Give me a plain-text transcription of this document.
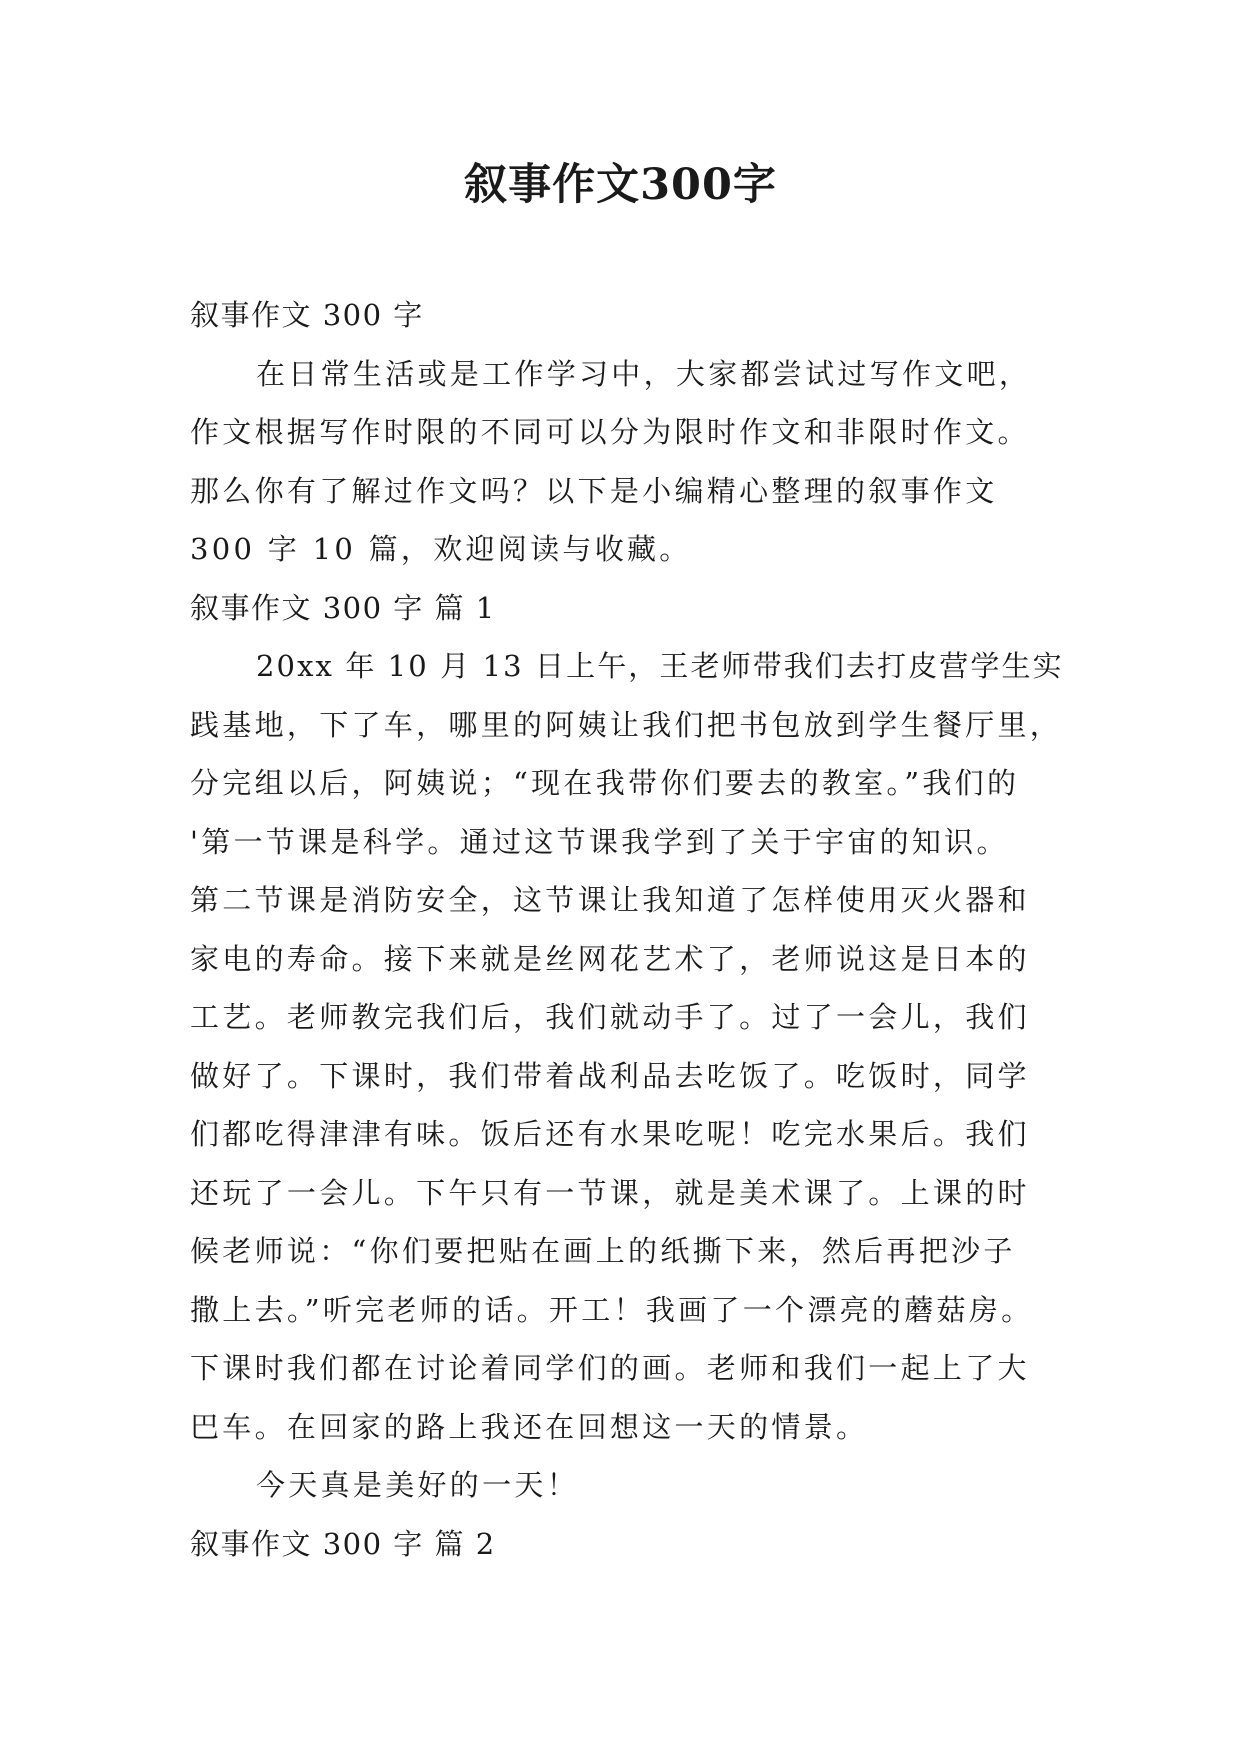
叙事作文300字
叙事作文 300 字
在日常生活或是工作学习中，大家都尝试过写作文吧，
作文根据写作时限的不同可以分为限时作文和非限时作文。
那么你有了解过作文吗？以下是小编精心整理的叙事作文
300 字 10 篇，欢迎阅读与收藏。
叙事作文 300 字 篇 1
20xx 年 10 月 13 日上午，王老师带我们去打皮营学生实
践基地，下了车，哪里的阿姨让我们把书包放到学生餐厅里，
分完组以后，阿姨说；“现在我带你们要去的教室。”我们的
'第一节课是科学。通过这节课我学到了关于宇宙的知识。
第二节课是消防安全，这节课让我知道了怎样使用灭火器和
家电的寿命。接下来就是丝网花艺术了，老师说这是日本的
工艺。老师教完我们后，我们就动手了。过了一会儿，我们
做好了。下课时，我们带着战利品去吃饭了。吃饭时，同学
们都吃得津津有味。饭后还有水果吃呢！吃完水果后。我们
还玩了一会儿。下午只有一节课，就是美术课了。上课的时
候老师说：“你们要把贴在画上的纸撕下来，然后再把沙子
撒上去。”听完老师的话。开工！我画了一个漂亮的蘑菇房。
下课时我们都在讨论着同学们的画。老师和我们一起上了大
巴车。在回家的路上我还在回想这一天的情景。
今天真是美好的一天！
叙事作文 300 字 篇 2
